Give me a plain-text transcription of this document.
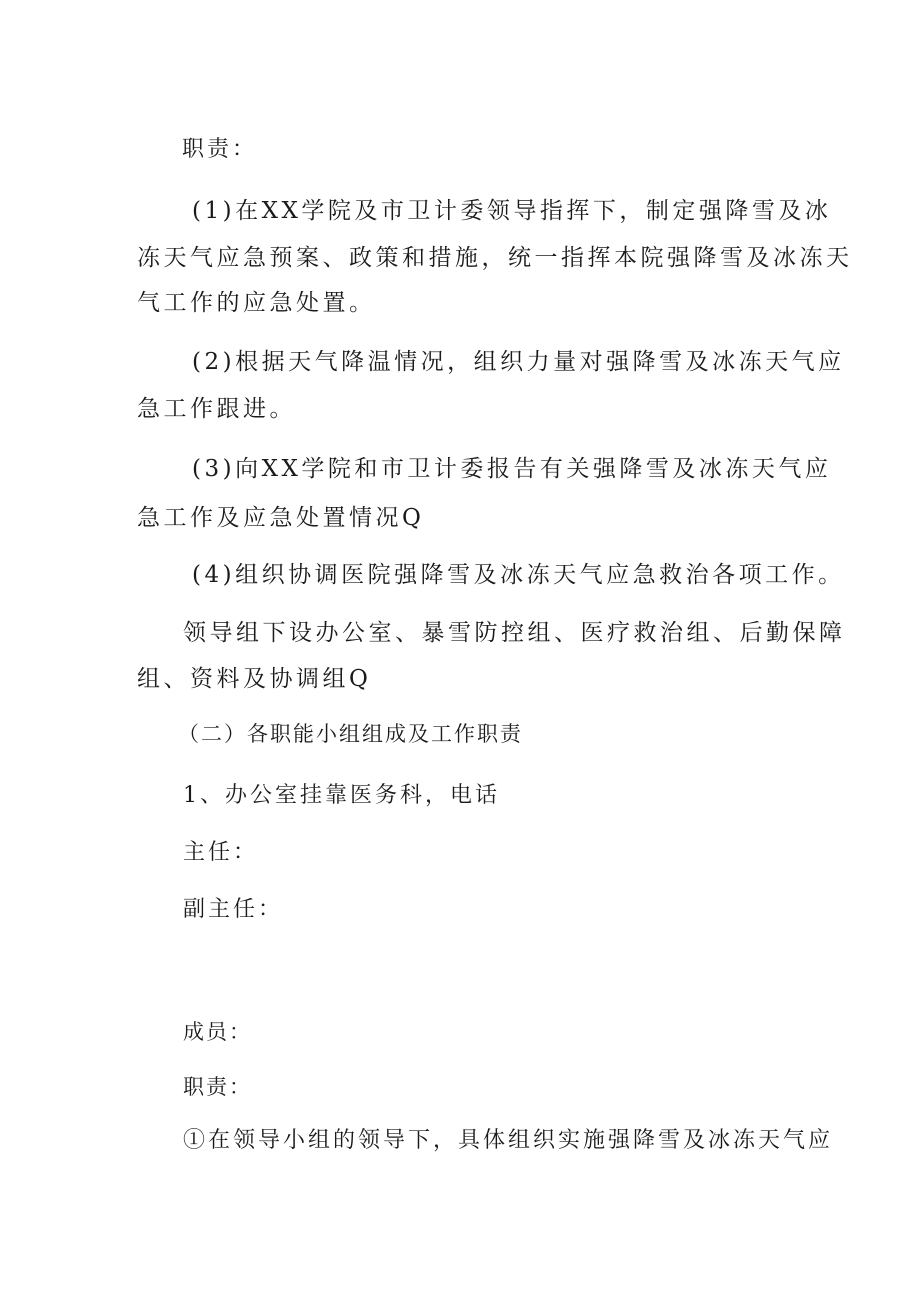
职责：
(1)在XX学院及市卫计委领导指挥下，制定强降雪及冰
冻天气应急预案、政策和措施，统一指挥本院强降雪及冰冻天
气工作的应急处置。
(2)根据天气降温情况，组织力量对强降雪及冰冻天气应
急工作跟进。
(3)向XX学院和市卫计委报告有关强降雪及冰冻天气应
急工作及应急处置情况Q
(4)组织协调医院强降雪及冰冻天气应急救治各项工作。
领导组下设办公室、暴雪防控组、医疗救治组、后勤保障
组、资料及协调组Q
（二）各职能小组组成及工作职责
1、办公室挂靠医务科，电话
主任：
副主任：
成员：
职责：
①在领导小组的领导下，具体组织实施强降雪及冰冻天气应
